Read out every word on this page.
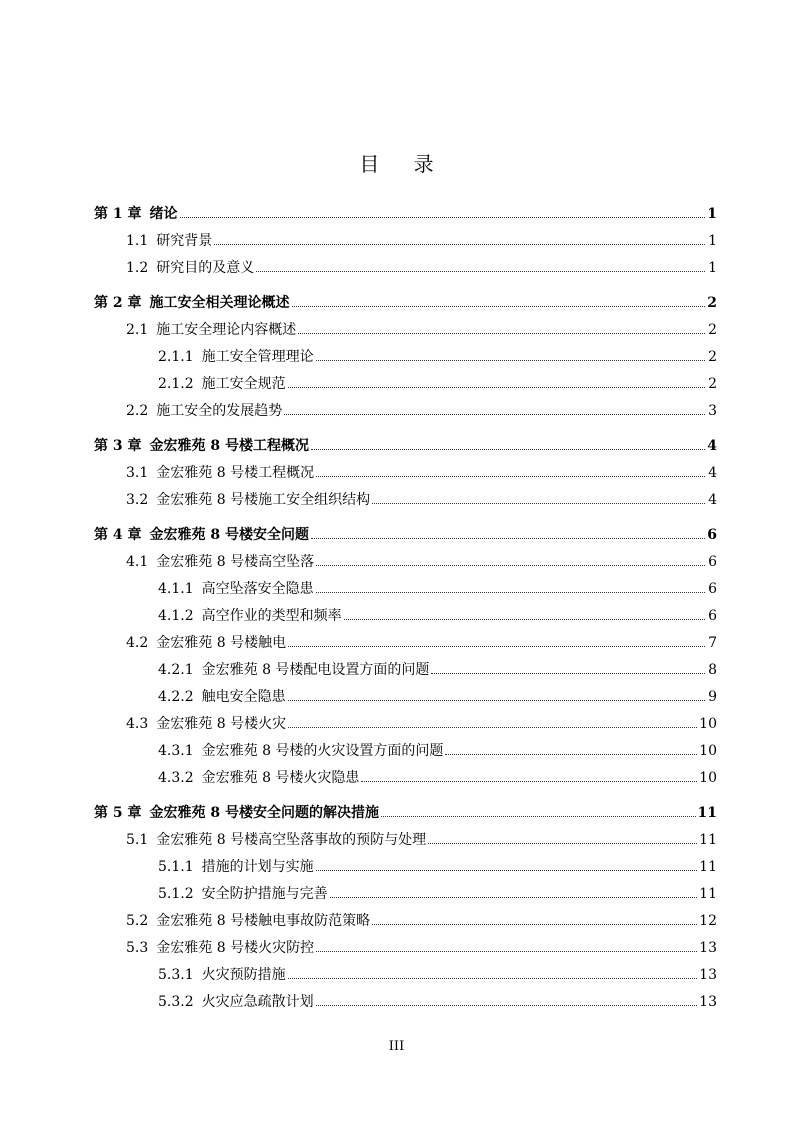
目 录
第 1 章 绪论	1
1.1 研究背景	1
1.2 研究目的及意义	1
第 2 章 施工安全相关理论概述	2
2.1 施工安全理论内容概述	2
2.1.1 施工安全管理理论	2
2.1.2 施工安全规范	2
2.2 施工安全的发展趋势	3
第 3 章 金宏雅苑 8 号楼工程概况	4
3.1 金宏雅苑 8 号楼工程概况	4
3.2 金宏雅苑 8 号楼施工安全组织结构	4
第 4 章 金宏雅苑 8 号楼安全问题	6
4.1 金宏雅苑 8 号楼高空坠落	6
4.1.1 高空坠落安全隐患	6
4.1.2 高空作业的类型和频率	6
4.2 金宏雅苑 8 号楼触电	7
4.2.1 金宏雅苑 8 号楼配电设置方面的问题	8
4.2.2 触电安全隐患	9
4.3 金宏雅苑 8 号楼火灾	10
4.3.1 金宏雅苑 8 号楼的火灾设置方面的问题	10
4.3.2 金宏雅苑 8 号楼火灾隐患	10
第 5 章 金宏雅苑 8 号楼安全问题的解决措施	11
5.1 金宏雅苑 8 号楼高空坠落事故的预防与处理	11
5.1.1 措施的计划与实施	11
5.1.2 安全防护措施与完善	11
5.2 金宏雅苑 8 号楼触电事故防范策略	12
5.3 金宏雅苑 8 号楼火灾防控	13
5.3.1 火灾预防措施	13
5.3.2 火灾应急疏散计划	13
III
